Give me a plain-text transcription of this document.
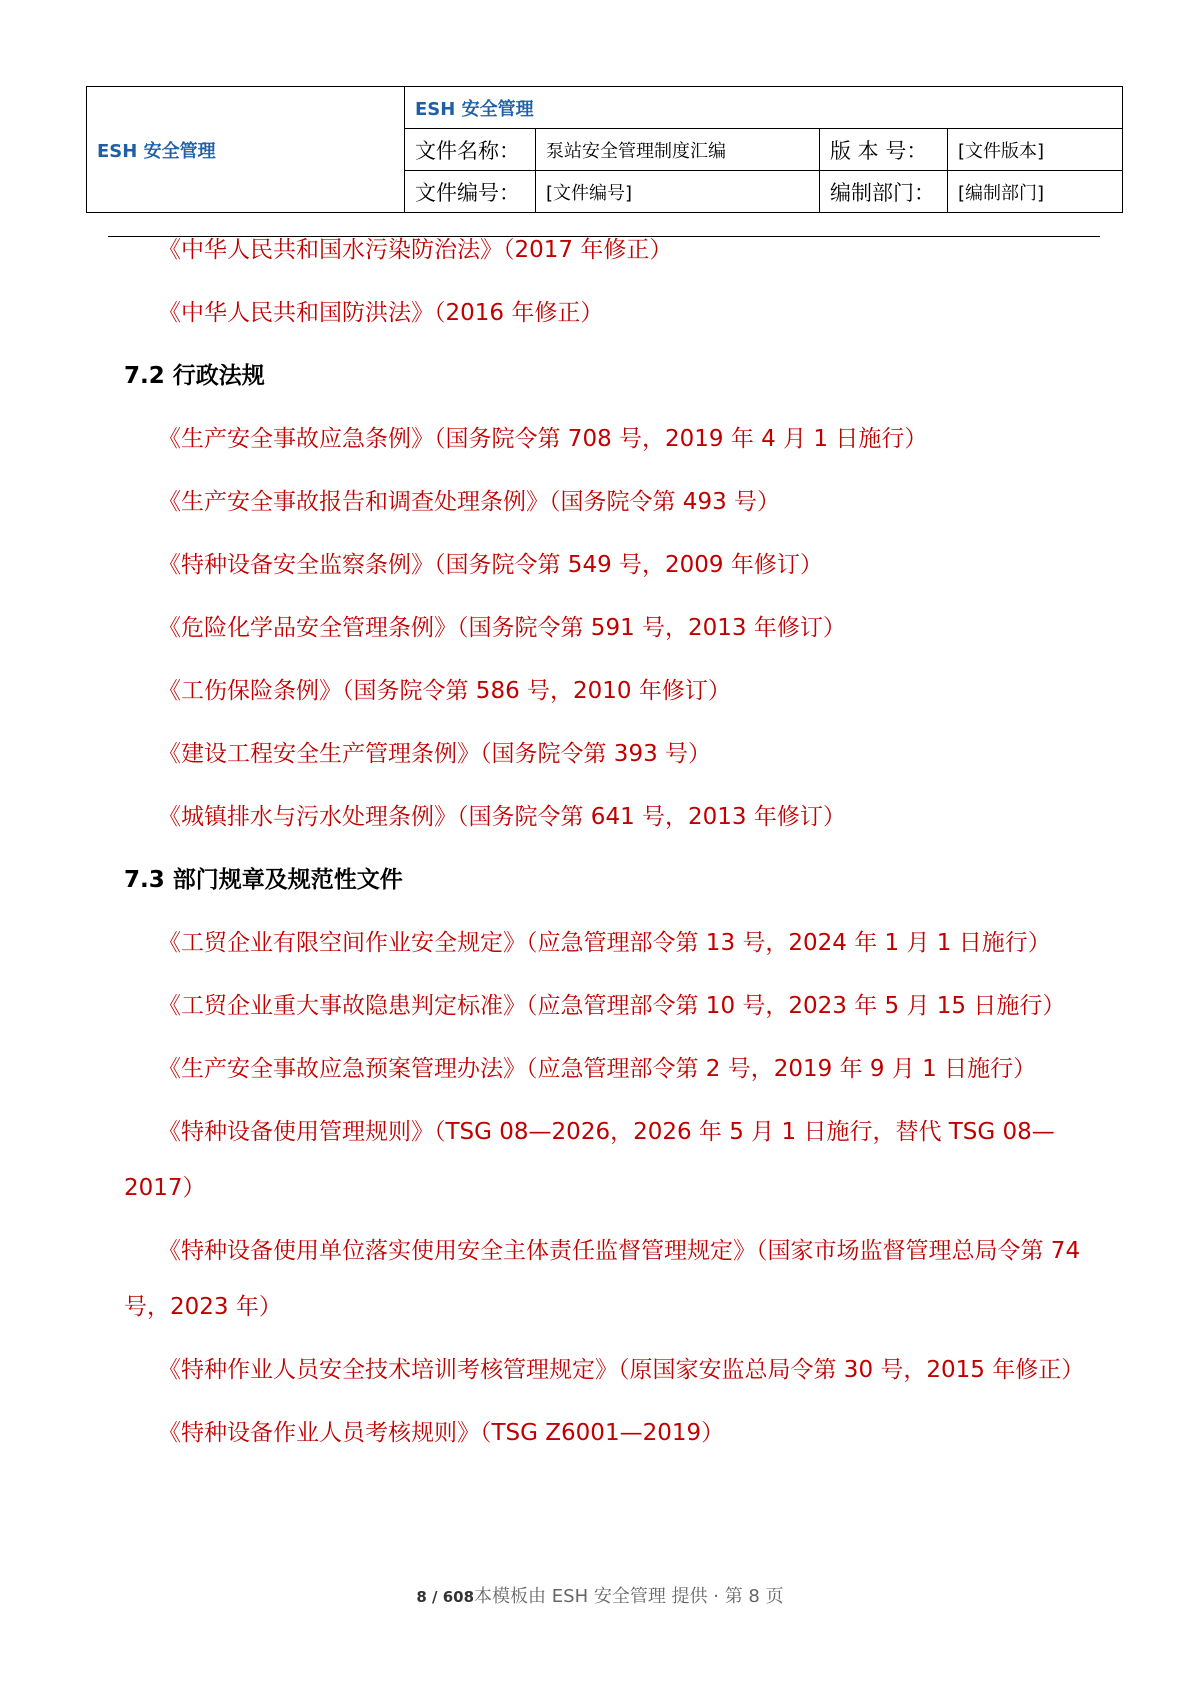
ESH 安全管理	ESH 安全管理			
	文件名称：	泵站安全管理制度汇编	版 本 号：	[文件版本]
	文件编号：	[文件编号]	编制部门：	[编制部门]

《中华人民共和国水污染防治法》（2017 年修正）

《中华人民共和国防洪法》（2016 年修正）

7.2 行政法规

《生产安全事故应急条例》（国务院令第 708 号，2019 年 4 月 1 日施行）

《生产安全事故报告和调查处理条例》（国务院令第 493 号）

《特种设备安全监察条例》（国务院令第 549 号，2009 年修订）

《危险化学品安全管理条例》（国务院令第 591 号，2013 年修订）

《工伤保险条例》（国务院令第 586 号，2010 年修订）

《建设工程安全生产管理条例》（国务院令第 393 号）

《城镇排水与污水处理条例》（国务院令第 641 号，2013 年修订）

7.3 部门规章及规范性文件

《工贸企业有限空间作业安全规定》（应急管理部令第 13 号，2024 年 1 月 1 日施行）

《工贸企业重大事故隐患判定标准》（应急管理部令第 10 号，2023 年 5 月 15 日施行）

《生产安全事故应急预案管理办法》（应急管理部令第 2 号，2019 年 9 月 1 日施行）

《特种设备使用管理规则》（TSG 08—2026，2026 年 5 月 1 日施行，替代 TSG 08—2017）

《特种设备使用单位落实使用安全主体责任监督管理规定》（国家市场监督管理总局令第 74 号，2023 年）

《特种作业人员安全技术培训考核管理规定》（原国家安监总局令第 30 号，2015 年修正）

《特种设备作业人员考核规则》（TSG Z6001—2019）

8 / 608本模板由 ESH 安全管理 提供 · 第 8 页
